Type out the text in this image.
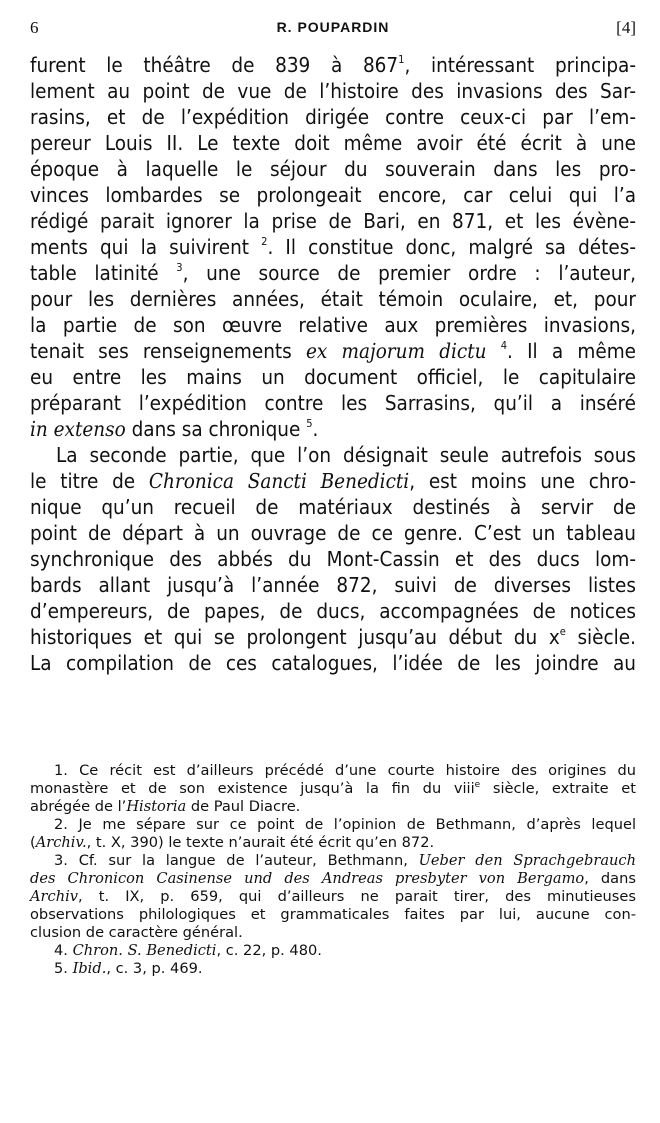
6	R. POUPARDIN	[4]
furent le théâtre de 839 à $867^1$, intéressant principa-
lement au point de vue de l’histoire des invasions des Sar-
rasins, et de l’expédition dirigée contre ceux-ci par l’em-
pereur Louis II. Le texte doit même avoir été écrit à une
époque à laquelle le séjour du souverain dans les pro-
vinces lombardes se prolongeait encore, car celui qui l’a
rédigé parait ignorer la prise de Bari, en 871, et les évène-
ments qui la suivirent $^2$. Il constitue donc, malgré sa détes-
table latinité $^3$, une source de premier ordre : l’auteur,
pour les dernières années, était témoin oculaire, et, pour
la partie de son œuvre relative aux premières invasions,
tenait ses renseignements ex majorum dictu $^4$. Il a même
eu entre les mains un document officiel, le capitulaire
préparant l’expédition contre les Sarrasins, qu’il a inséré
in extenso dans sa chronique $^5$.
La seconde partie, que l’on désignait seule autrefois sous
le titre de Chronica Sancti Benedicti, est moins une chro-
nique qu’un recueil de matériaux destinés à servir de
point de départ à un ouvrage de ce genre. C’est un tableau
synchronique des abbés du Mont-Cassin et des ducs lom-
bards allant jusqu’à l’année 872, suivi de diverses listes
d’empereurs, de papes, de ducs, accompagnées de notices
historiques et qui se prolongent jusqu’au début du $x^e$ siècle.
La compilation de ces catalogues, l’idée de les joindre au
1. Ce récit est d’ailleurs précédé d’une courte histoire des origines du
monastère et de son existence jusqu’à la fin du viii$^e$ siècle, extraite et
abrégée de l’Historia de Paul Diacre.
2. Je me sépare sur ce point de l’opinion de Bethmann, d’après lequel
(Archiv., t. X, 390) le texte n’aurait été écrit qu’en 872.
3. Cf. sur la langue de l’auteur, Bethmann, Ueber den Sprachgebrauch
des Chronicon Casinense und des Andreas presbyter von Bergamo, dans
Archiv, t. IX, p. 659, qui d’ailleurs ne parait tirer, des minutieuses
observations philologiques et grammaticales faites par lui, aucune con-
clusion de caractère général.
4. Chron. S. Benedicti, c. 22, p. 480.
5. Ibid., c. 3, p. 469.
